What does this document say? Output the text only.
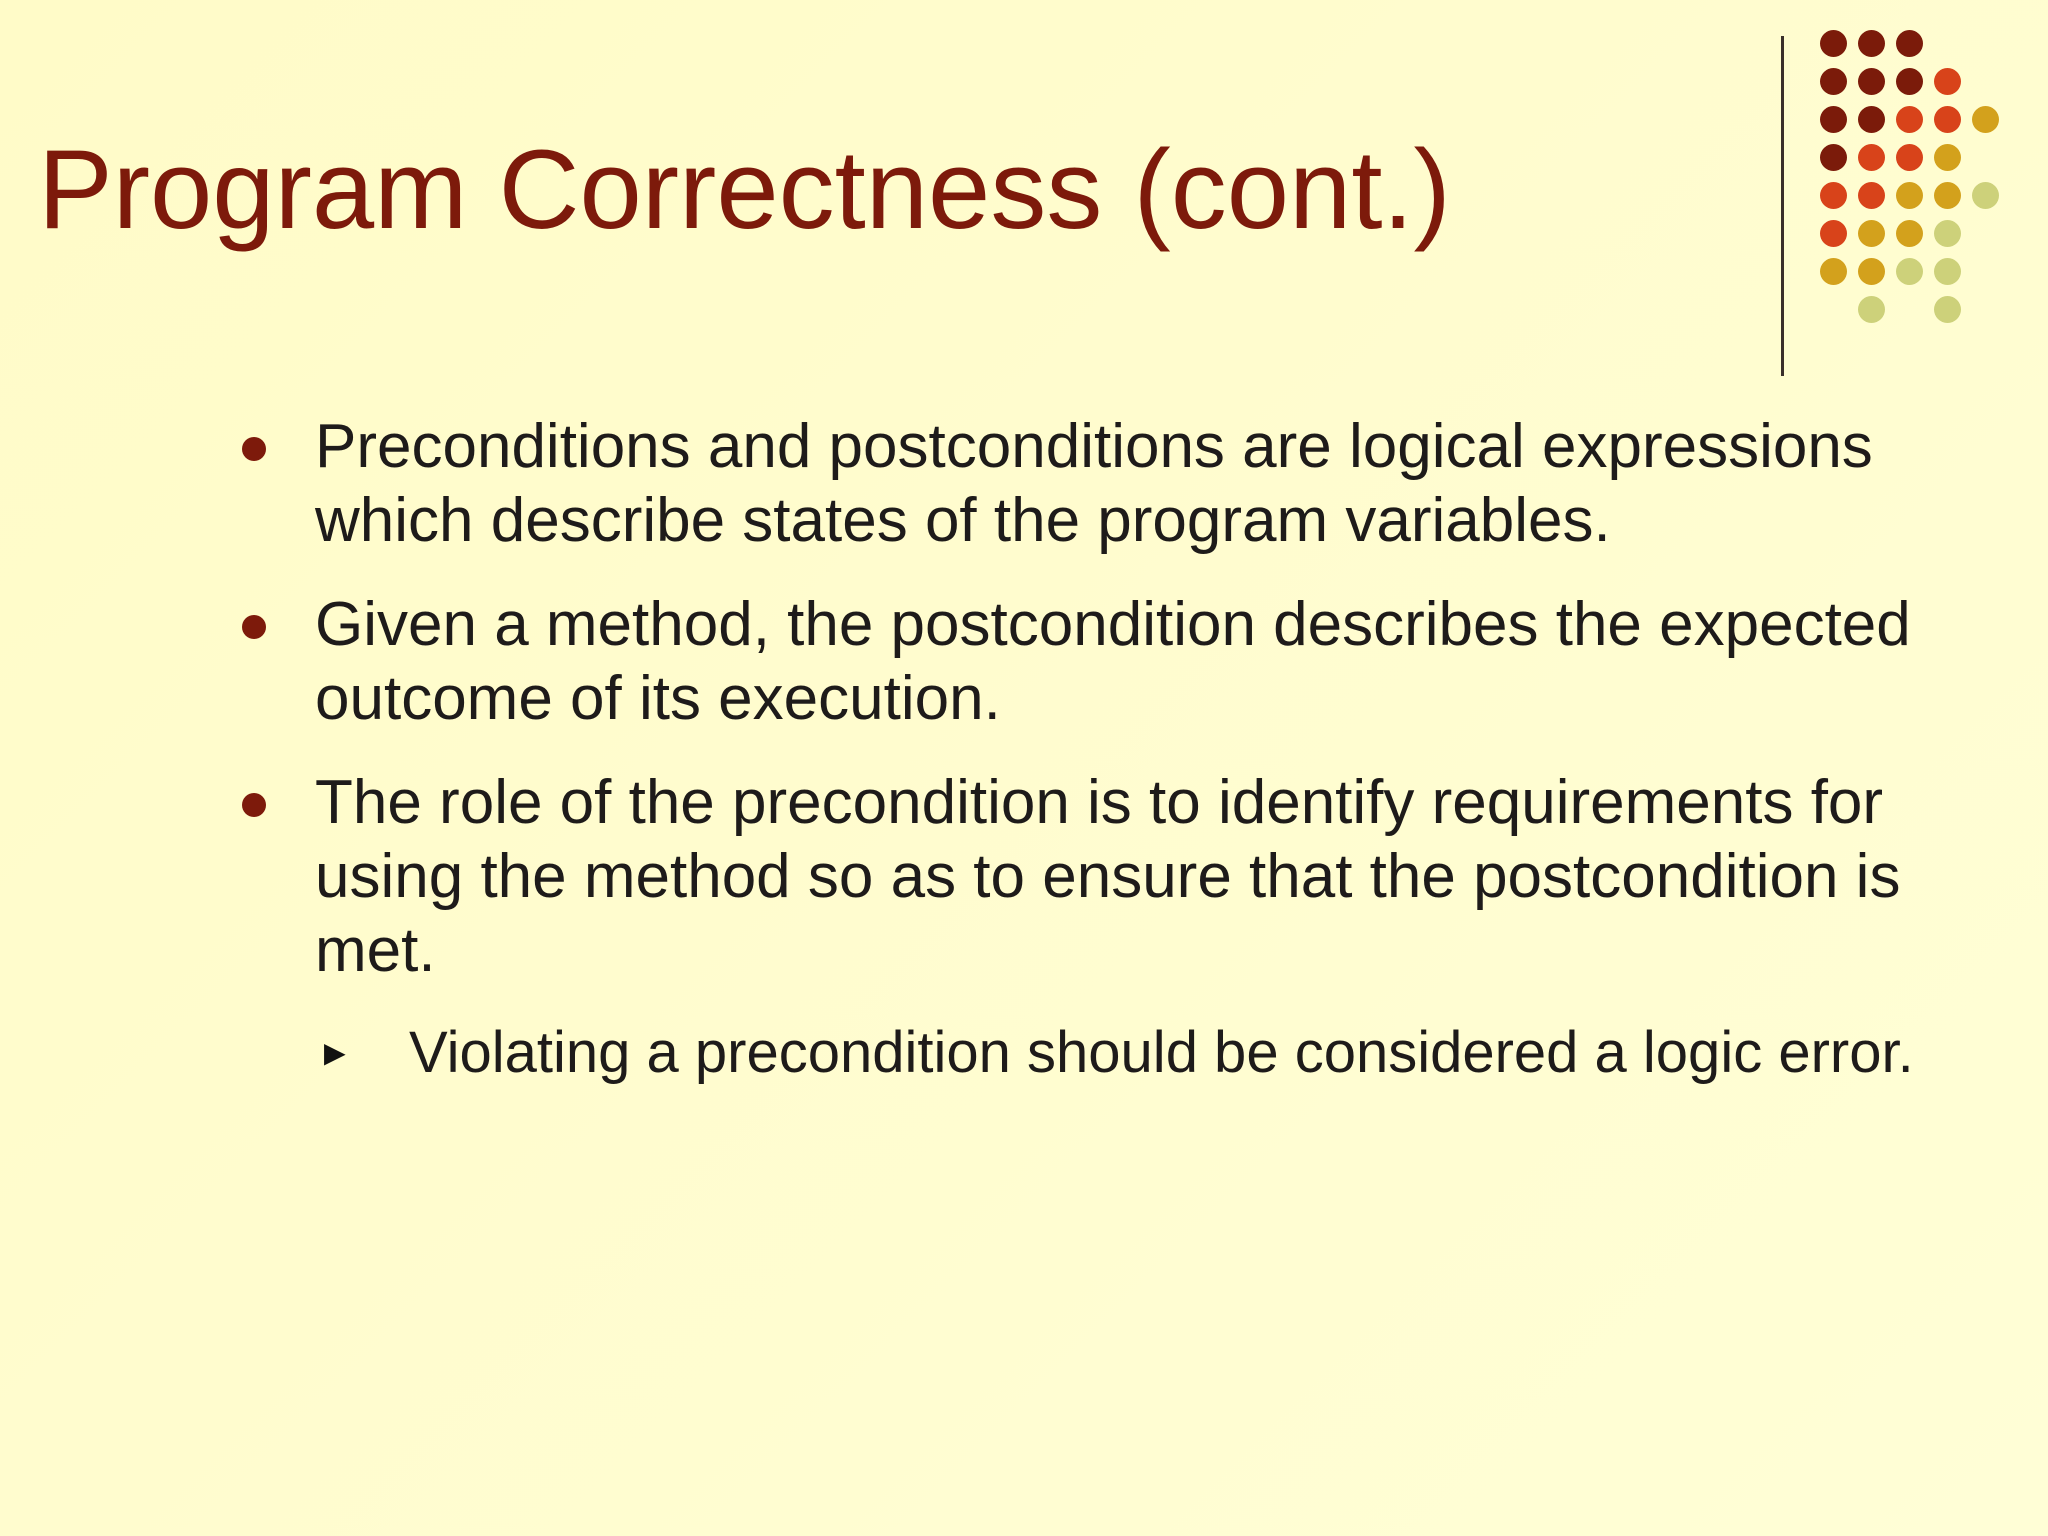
Program Correctness (cont.)
Preconditions and postconditions are logical expressions which describe states of the program variables.
Given a method, the postcondition describes the expected outcome of its execution.
The role of the precondition is to identify requirements for using the method so as to ensure that the postcondition is met.
► Violating a precondition should be considered a logic error.
